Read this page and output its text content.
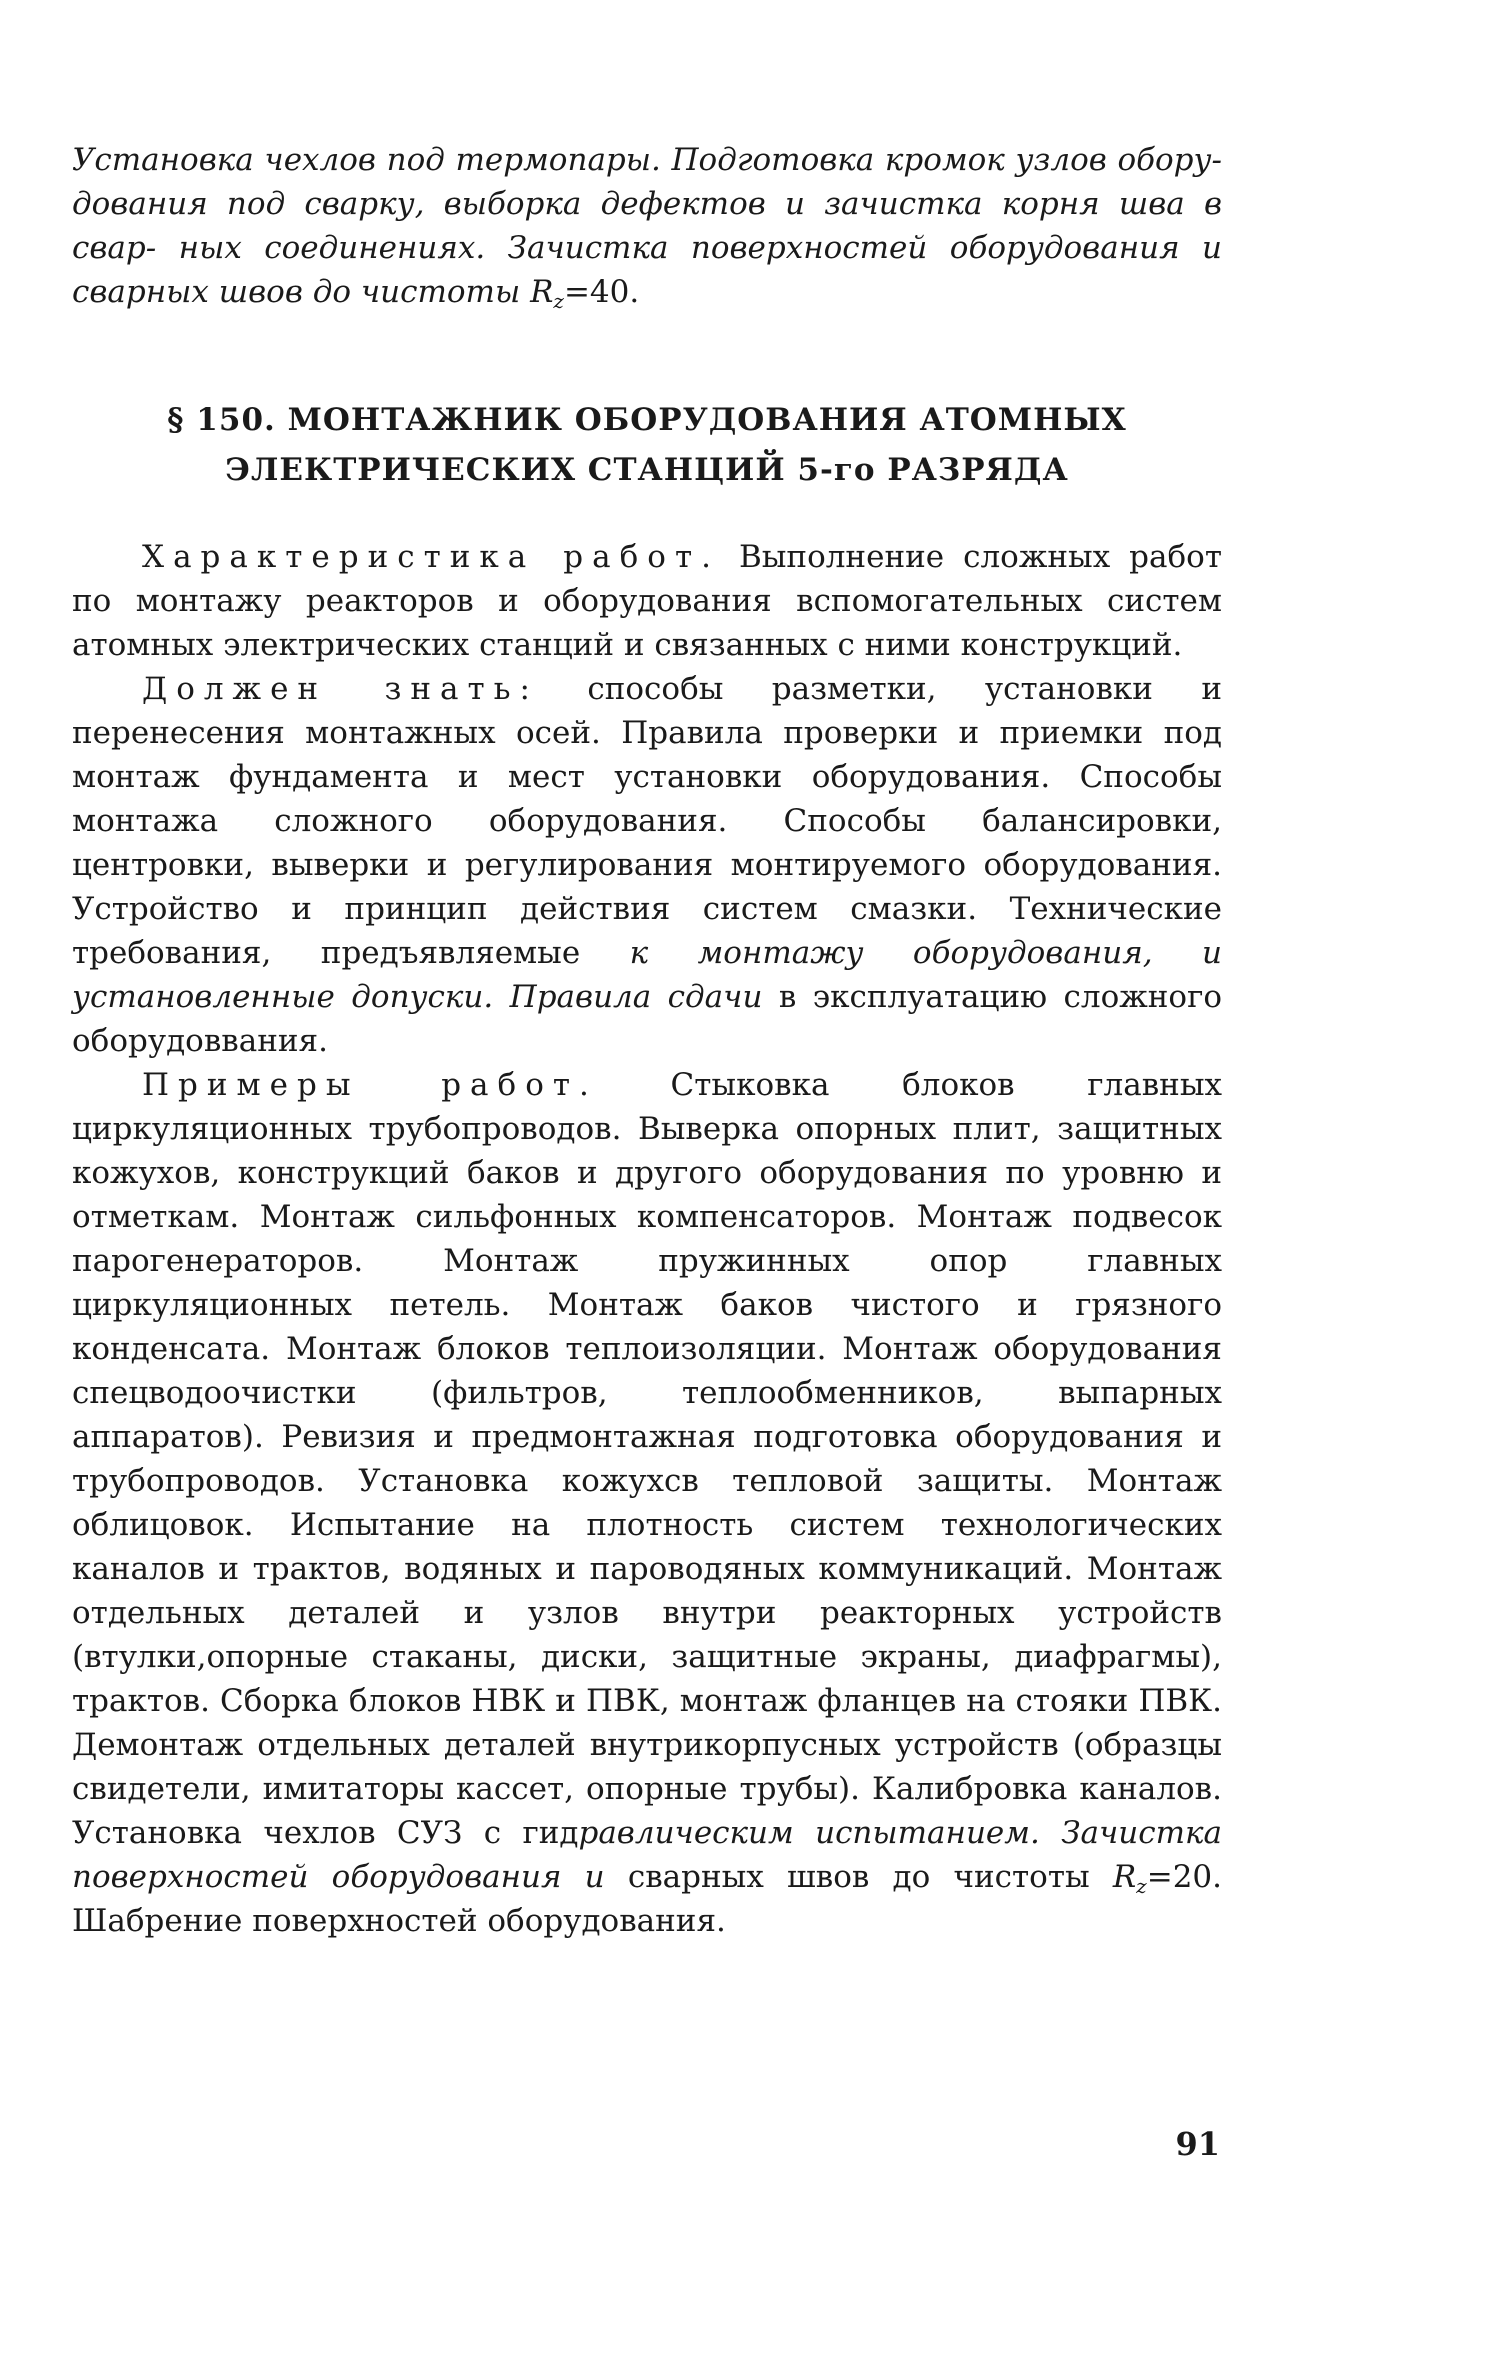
Установка чехлов под термопары. Подготовка кромок узлов обору- дования под сварку, выборка дефектов и зачистка корня шва в свар- ных соединениях. Зачистка поверхностей оборудования и сварных швов до чистоты $R_z=40$.

§ 150. МОНТАЖНИК ОБОРУДОВАНИЯ АТОМНЫХ
ЭЛЕКТРИЧЕСКИХ СТАНЦИЙ 5-го РАЗРЯДА

Характеристика работ. Выполнение сложных работ по монтажу реакторов и оборудования вспомогательных систем атомных электрических станций и связанных с ними конструкций.

Должен знать: способы разметки, установки и перенесения монтажных осей. Правила проверки и приемки под монтаж фундамента и мест установки оборудования. Способы монтажа сложного оборудования. Способы балансировки, центровки, выверки и регулирования монтируемого оборудования. Устройство и принцип действия систем смазки. Технические требования, предъявляемые к монтажу оборудования, и установленные допуски. Правила сдачи в эксплуатацию сложного оборудоввания.

Примеры работ. Стыковка блоков главных циркуляционных трубопроводов. Выверка опорных плит, защитных кожухов, конструкций баков и другого оборудования по уровню и отметкам. Монтаж сильфонных компенсаторов. Монтаж подвесок парогенераторов. Монтаж пружинных опор главных циркуляционных петель. Монтаж баков чистого и грязного конденсата. Монтаж блоков теплоизоляции. Монтаж оборудования спецводоочистки (фильтров, теплообменников, выпарных аппаратов). Ревизия и предмонтажная подготовка оборудования и трубопроводов. Установка кожухсв тепловой защиты. Монтаж облицовок. Испытание на плотность систем технологических каналов и трактов, водяных и пароводяных коммуникаций. Монтаж отдельных деталей и узлов внутри реакторных устройств (втулки,опорные стаканы, диски, защитные экраны, диафрагмы), трактов. Сборка блоков НВК и ПВК, монтаж фланцев на стояки ПВК. Демонтаж отдельных деталей внутрикорпусных устройств (образцы свидетели, имитаторы кассет, опорные трубы). Калибровка каналов. Установка чехлов СУЗ с гидравлическим испытанием. Зачистка поверхностей оборудования и сварных швов до чистоты $R_z=20$. Шабрение поверхностей оборудования.

91
